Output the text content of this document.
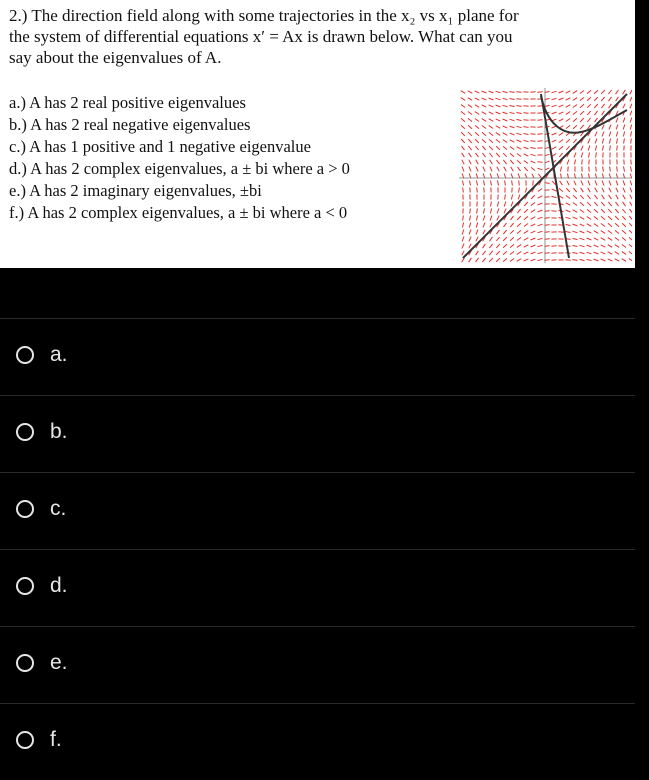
2.) The direction field along with some trajectories in the x₂ vs x₁ plane for

the system of differential equations x′ = Ax is drawn below. What can you

say about the eigenvalues of A.

a.) A has 2 real positive eigenvalues
b.) A has 2 real negative eigenvalues
c.) A has 1 positive and 1 negative eigenvalue
d.) A has 2 complex eigenvalues, a ± bi where a > 0
e.) A has 2 imaginary eigenvalues, ±bi
f.) A has 2 complex eigenvalues, a ± bi where a < 0
a.
b.
c.
d.
e.
f.
